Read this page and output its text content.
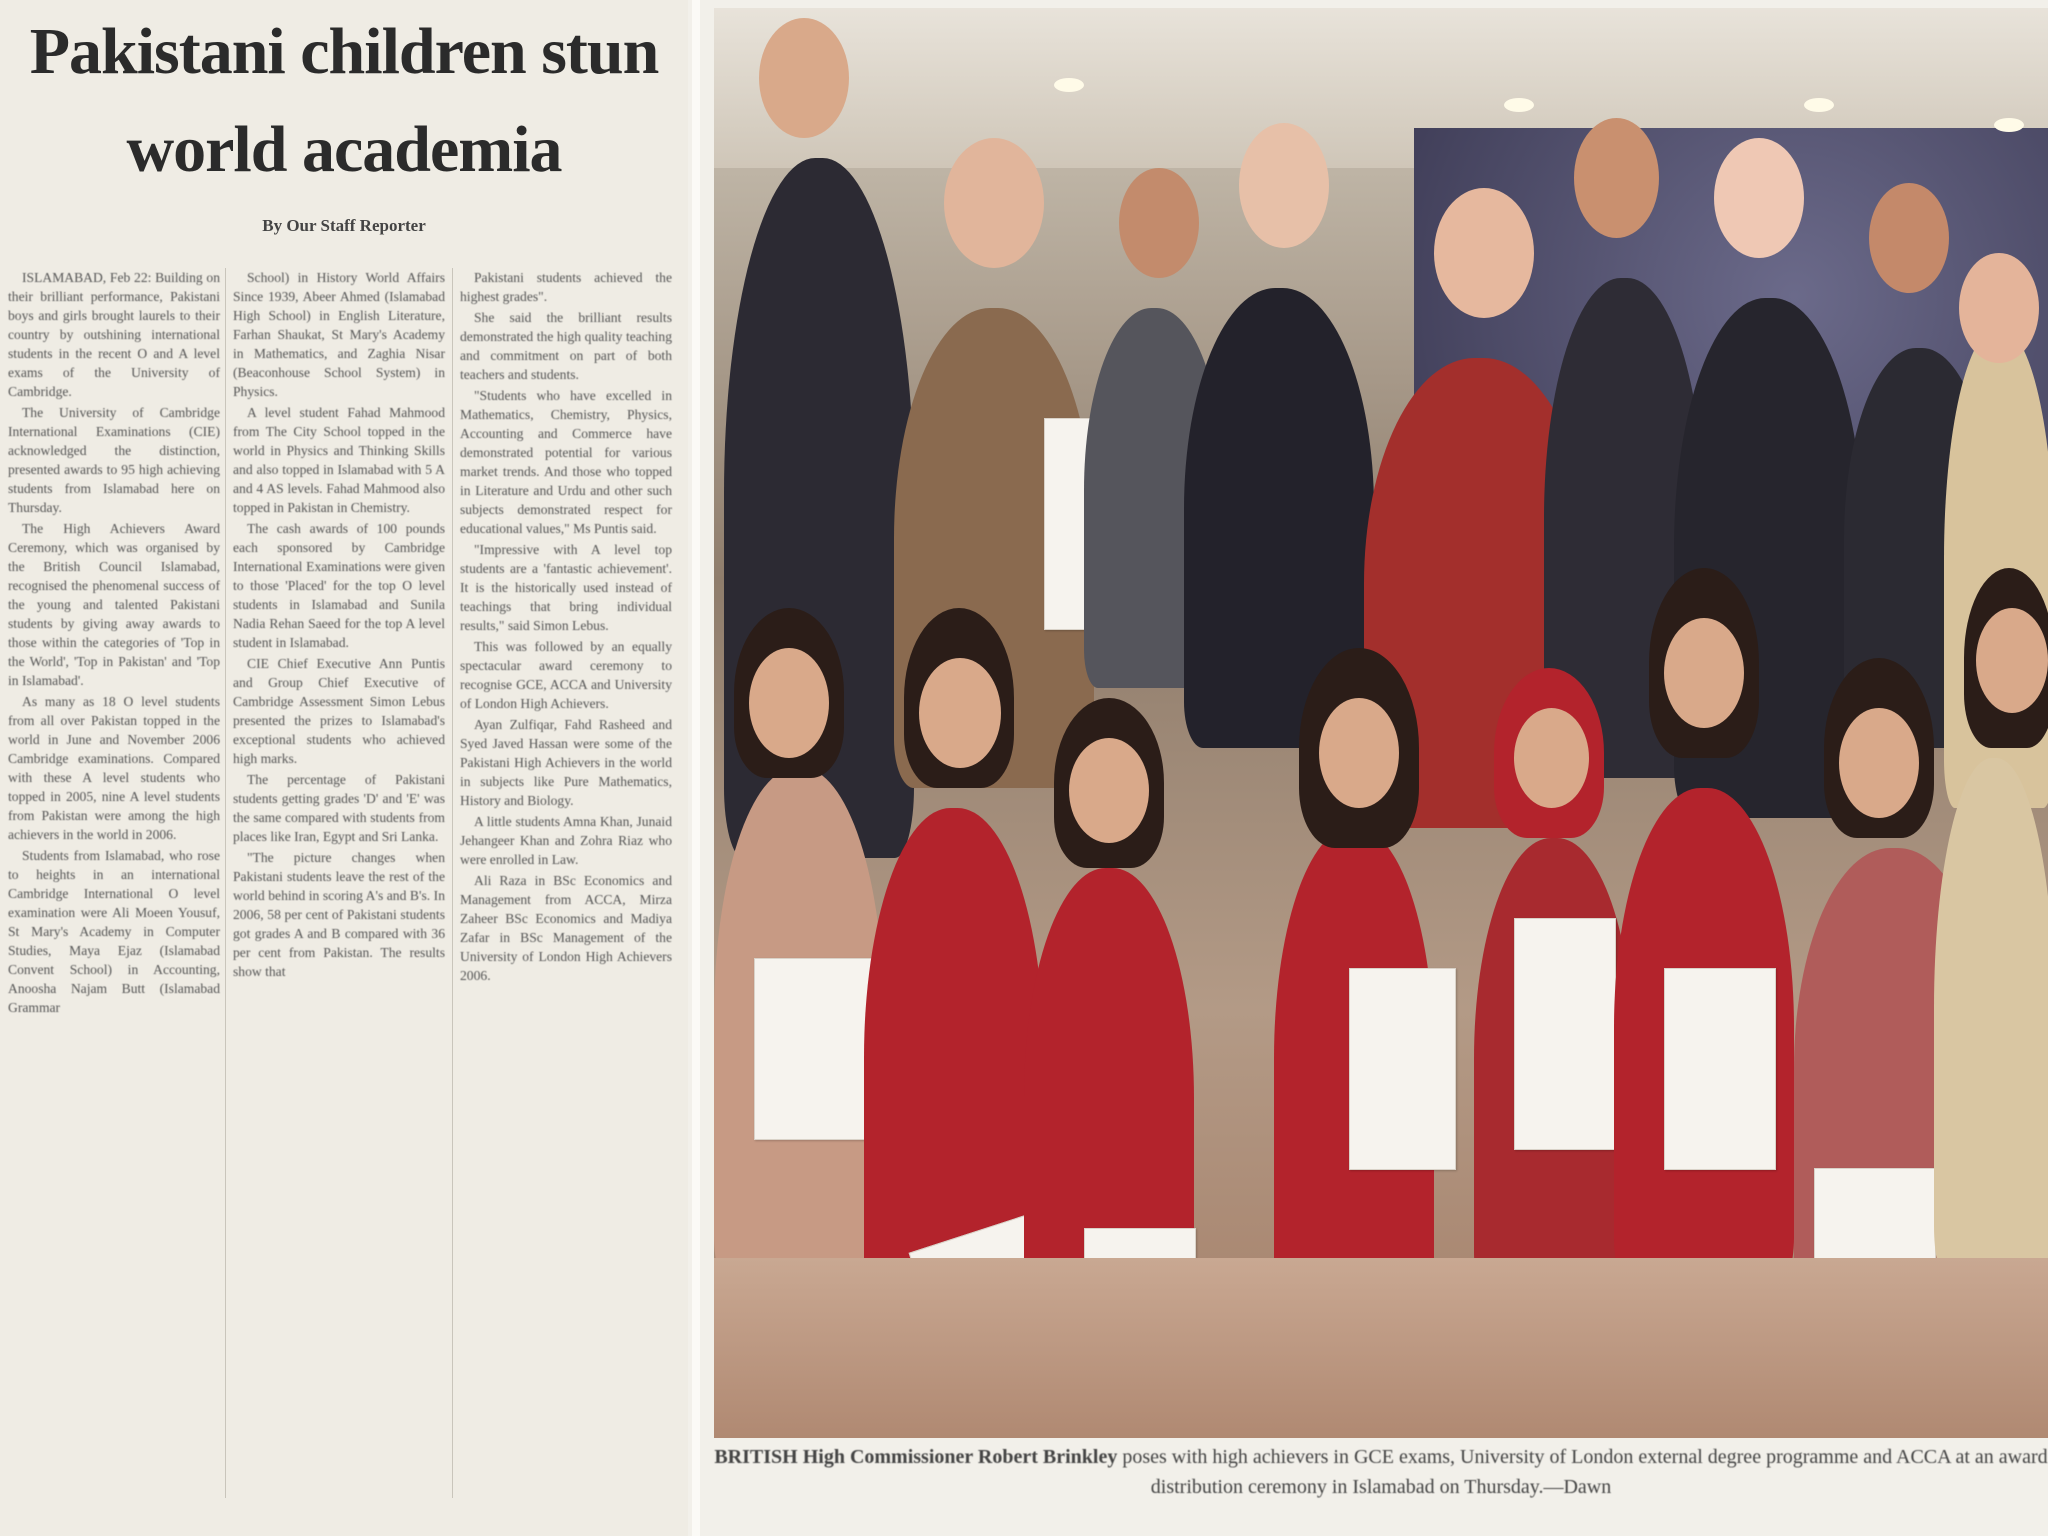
Pakistani children stun
world academia
By Our Staff Reporter

ISLAMABAD, Feb 22: Building on their brilliant performance, Pakistani boys and girls brought laurels to their country by outshining international students in the recent O and A level exams of the University of Cambridge.

The University of Cambridge International Examinations (CIE) acknowledged the distinction, presented awards to 95 high achieving students from Islamabad here on Thursday.

The High Achievers Award Ceremony, which was organised by the British Council Islamabad, recognised the phenomenal success of the young and talented Pakistani students by giving away awards to those within the categories of 'Top in the World', 'Top in Pakistan' and 'Top in Islamabad'.

As many as 18 O level students from all over Pakistan topped in the world in June and November 2006 Cambridge examinations. Compared with these A level students who topped in 2005, nine A level students from Pakistan were among the high achievers in the world in 2006.

Students from Islamabad, who rose to heights in an international Cambridge International O level examination were Ali Moeen Yousuf, St Mary's Academy in Computer Studies, Maya Ejaz (Islamabad Convent School) in Accounting, Anoosha Najam Butt (Islamabad Grammar

School) in History World Affairs Since 1939, Abeer Ahmed (Islamabad High School) in English Literature, Farhan Shaukat, St Mary's Academy in Mathematics, and Zaghia Nisar (Beaconhouse School System) in Physics.

A level student Fahad Mahmood from The City School topped in the world in Physics and Thinking Skills and also topped in Islamabad with 5 A and 4 AS levels. Fahad Mahmood also topped in Pakistan in Chemistry.

The cash awards of 100 pounds each sponsored by Cambridge International Examinations were given to those 'Placed' for the top O level students in Islamabad and Sunila Nadia Rehan Saeed for the top A level student in Islamabad.

CIE Chief Executive Ann Puntis and Group Chief Executive of Cambridge Assessment Simon Lebus presented the prizes to Islamabad's exceptional students who achieved high marks.

The percentage of Pakistani students getting grades 'D' and 'E' was the same compared with students from places like Iran, Egypt and Sri Lanka.

"The picture changes when Pakistani students leave the rest of the world behind in scoring A's and B's. In 2006, 58 per cent of Pakistani students got grades A and B compared with 36 per cent from Pakistan. The results show that

Pakistani students achieved the highest grades".

She said the brilliant results demonstrated the high quality teaching and commitment on part of both teachers and students.

"Students who have excelled in Mathematics, Chemistry, Physics, Accounting and Commerce have demonstrated potential for various market trends. And those who topped in Literature and Urdu and other such subjects demonstrated respect for educational values," Ms Puntis said.

"Impressive with A level top students are a 'fantastic achievement'. It is the historically used instead of teachings that bring individual results," said Simon Lebus.

This was followed by an equally spectacular award ceremony to recognise GCE, ACCA and University of London High Achievers.

Ayan Zulfiqar, Fahd Rasheed and Syed Javed Hassan were some of the Pakistani High Achievers in the world in subjects like Pure Mathematics, History and Biology.

A little students Amna Khan, Junaid Jehangeer Khan and Zohra Riaz who were enrolled in Law.

Ali Raza in BSc Economics and Management from ACCA, Mirza Zaheer BSc Economics and Madiya Zafar in BSc Management of the University of London High Achievers 2006.

BRITISH High Commissioner Robert Brinkley poses with high achievers in GCE exams, University of London external degree programme and ACCA at an award distribution ceremony in Islamabad on Thursday.—Dawn
